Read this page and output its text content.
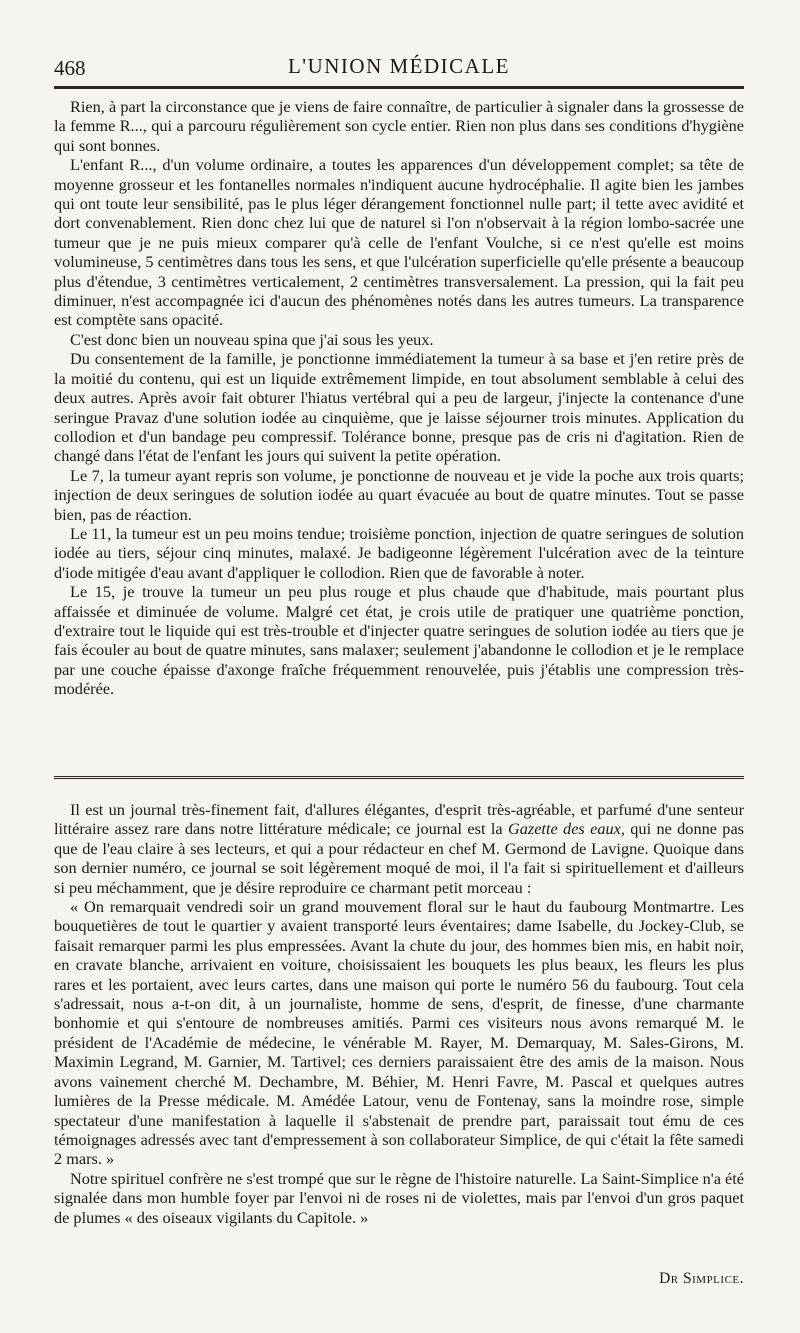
468	L'UNION MÉDICALE

Rien, à part la circonstance que je viens de faire connaître, de particulier à signaler dans la grossesse de la femme R..., qui a parcouru régulièrement son cycle entier. Rien non plus dans ses conditions d'hygiène qui sont bonnes.

L'enfant R..., d'un volume ordinaire, a toutes les apparences d'un développement complet; sa tête de moyenne grosseur et les fontanelles normales n'indiquent aucune hydrocéphalie. Il agite bien les jambes qui ont toute leur sensibilité, pas le plus léger dérangement fonctionnel nulle part; il tette avec avidité et dort convenablement. Rien donc chez lui que de naturel si l'on n'observait à la région lombo-sacrée une tumeur que je ne puis mieux comparer qu'à celle de l'enfant Voulche, si ce n'est qu'elle est moins volumineuse, 5 centimètres dans tous les sens, et que l'ulcération superficielle qu'elle présente a beaucoup plus d'étendue, 3 centimètres verticalement, 2 centimètres transversalement. La pression, qui la fait peu diminuer, n'est accompagnée ici d'aucun des phénomènes notés dans les autres tumeurs. La transparence est comptète sans opacité.

C'est donc bien un nouveau spina que j'ai sous les yeux.

Du consentement de la famille, je ponctionne immédiatement la tumeur à sa base et j'en retire près de la moitié du contenu, qui est un liquide extrêmement limpide, en tout absolument semblable à celui des deux autres. Après avoir fait obturer l'hiatus vertébral qui a peu de largeur, j'injecte la contenance d'une seringue Pravaz d'une solution iodée au cinquième, que je laisse séjourner trois minutes. Application du collodion et d'un bandage peu compressif. Tolérance bonne, presque pas de cris ni d'agitation. Rien de changé dans l'état de l'enfant les jours qui suivent la petite opération.

Le 7, la tumeur ayant repris son volume, je ponctionne de nouveau et je vide la poche aux trois quarts; injection de deux seringues de solution iodée au quart évacuée au bout de quatre minutes. Tout se passe bien, pas de réaction.

Le 11, la tumeur est un peu moins tendue; troisième ponction, injection de quatre seringues de solution iodée au tiers, séjour cinq minutes, malaxé. Je badigeonne légèrement l'ulcération avec de la teinture d'iode mitigée d'eau avant d'appliquer le collodion. Rien que de favorable à noter.

Le 15, je trouve la tumeur un peu plus rouge et plus chaude que d'habitude, mais pourtant plus affaissée et diminuée de volume. Malgré cet état, je crois utile de pratiquer une quatrième ponction, d'extraire tout le liquide qui est très-trouble et d'injecter quatre seringues de solution iodée au tiers que je fais écouler au bout de quatre minutes, sans malaxer; seulement j'abandonne le collodion et je le remplace par une couche épaisse d'axonge fraîche fréquemment renouvelée, puis j'établis une compression très-modérée.

Il est un journal très-finement fait, d'allures élégantes, d'esprit très-agréable, et parfumé d'une senteur littéraire assez rare dans notre littérature médicale; ce journal est la Gazette des eaux, qui ne donne pas que de l'eau claire à ses lecteurs, et qui a pour rédacteur en chef M. Germond de Lavigne. Quoique dans son dernier numéro, ce journal se soit légèrement moqué de moi, il l'a fait si spirituellement et d'ailleurs si peu méchamment, que je désire reproduire ce charmant petit morceau :

« On remarquait vendredi soir un grand mouvement floral sur le haut du faubourg Montmartre. Les bouquetières de tout le quartier y avaient transporté leurs éventaires; dame Isabelle, du Jockey-Club, se faisait remarquer parmi les plus empressées. Avant la chute du jour, des hommes bien mis, en habit noir, en cravate blanche, arrivaient en voiture, choisissaient les bouquets les plus beaux, les fleurs les plus rares et les portaient, avec leurs cartes, dans une maison qui porte le numéro 56 du faubourg. Tout cela s'adressait, nous a-t-on dit, à un journaliste, homme de sens, d'esprit, de finesse, d'une charmante bonhomie et qui s'entoure de nombreuses amitiés. Parmi ces visiteurs nous avons remarqué M. le président de l'Académie de médecine, le vénérable M. Rayer, M. Demarquay, M. Sales-Girons, M. Maximin Legrand, M. Garnier, M. Tartivel; ces derniers paraissaient être des amis de la maison. Nous avons vainement cherché M. Dechambre, M. Béhier, M. Henri Favre, M. Pascal et quelques autres lumières de la Presse médicale. M. Amédée Latour, venu de Fontenay, sans la moindre rose, simple spectateur d'une manifestation à laquelle il s'abstenait de prendre part, paraissait tout ému de ces témoignages adressés avec tant d'empressement à son collaborateur Simplice, de qui c'était la fête samedi 2 mars. »

Notre spirituel confrère ne s'est trompé que sur le règne de l'histoire naturelle. La Saint-Simplice n'a été signalée dans mon humble foyer par l'envoi ni de roses ni de violettes, mais par l'envoi d'un gros paquet de plumes « des oiseaux vigilants du Capitole. »

Dr Simplice.
